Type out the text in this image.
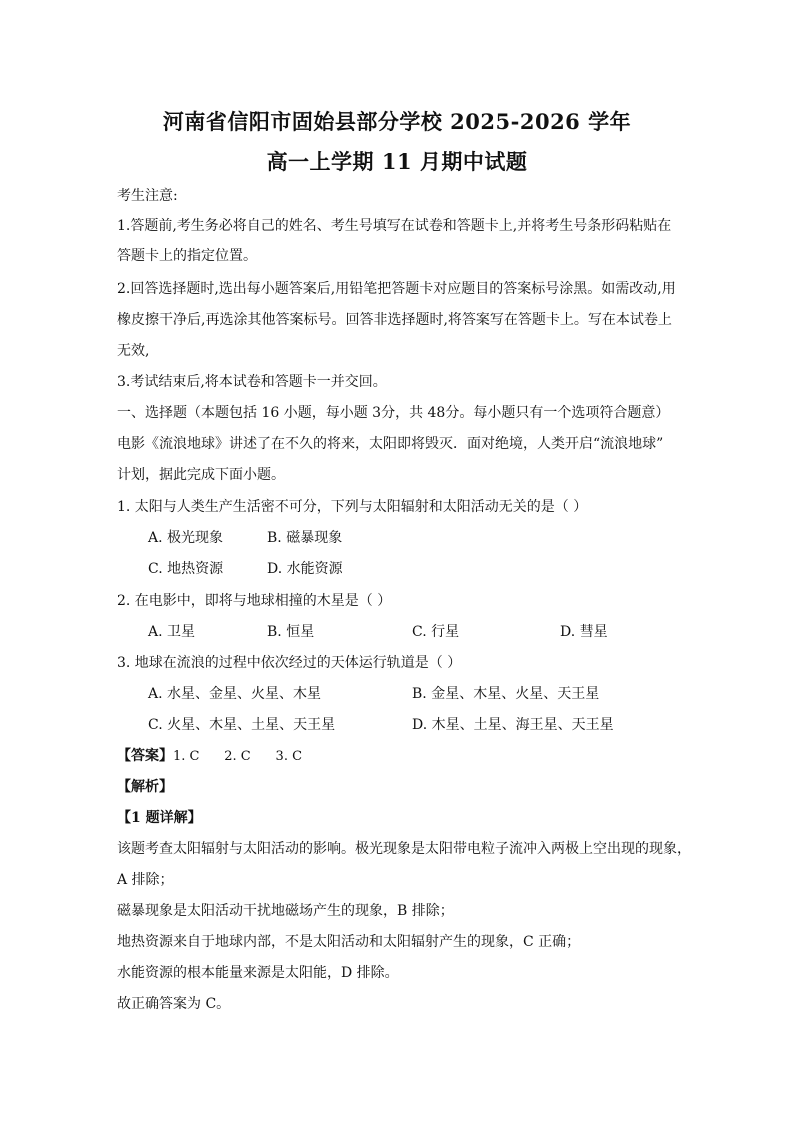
河南省信阳市固始县部分学校 2025-2026 学年
高一上学期 11 月期中试题
考生注意:
1.答题前,考生务必将自己的姓名、考生号填写在试卷和答题卡上,并将考生号条形码粘贴在
答题卡上的指定位置。
2.回答选择题时,选出每小题答案后,用铅笔把答题卡对应题目的答案标号涂黑。如需改动,用
橡皮擦干净后,再选涂其他答案标号。回答非选择题时,将答案写在答题卡上。写在本试卷上
无效,
3.考试结束后,将本试卷和答题卡一并交回。
一、选择题（本题包括 16 小题，每小题 3分，共 48分。每小题只有一个选项符合题意）
电影《流浪地球》讲述了在不久的将来，太阳即将毁灭．面对绝境，人类开启“流浪地球”
计划，据此完成下面小题。
1. 太阳与人类生产生活密不可分，下列与太阳辐射和太阳活动无关的是（ ）
A. 极光现象	B. 磁暴现象
C. 地热资源	D. 水能资源
2. 在电影中，即将与地球相撞的木星是（ ）
A. 卫星	B. 恒星	C. 行星	D. 彗星
3. 地球在流浪的过程中依次经过的天体运行轨道是（ ）
A. 水星、金星、火星、木星	B. 金星、木星、火星、天王星
C. 火星、木星、土星、天王星	D. 木星、土星、海王星、天王星
【答案】1. C      2. C      3. C
【解析】
【1 题详解】
该题考查太阳辐射与太阳活动的影响。极光现象是太阳带电粒子流冲入两极上空出现的现象，
A 排除；
磁暴现象是太阳活动干扰地磁场产生的现象，B 排除；
地热资源来自于地球内部，不是太阳活动和太阳辐射产生的现象，C 正确；
水能资源的根本能量来源是太阳能，D 排除。
故正确答案为 C。
